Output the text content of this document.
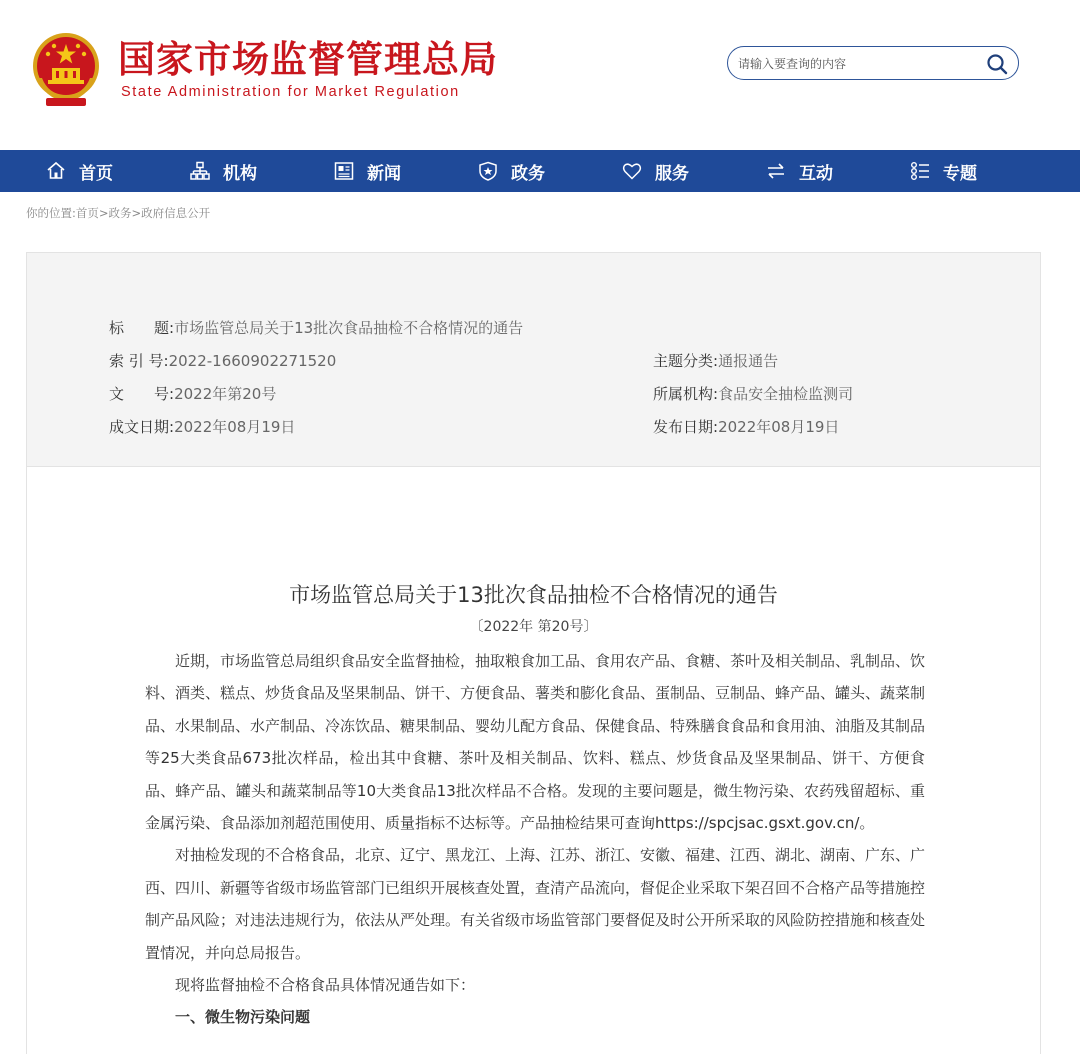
国家市场监督管理总局
State Administration for Market Regulation
请输入要查询的内容
首页	机构	新闻	政务	服务	互动	专题
你的位置:首页>政务>政府信息公开
标　　题:市场监管总局关于13批次食品抽检不合格情况的通告
索 引 号:2022-1660902271520	主题分类:通报通告
文　　号:2022年第20号	所属机构:食品安全抽检监测司
成文日期:2022年08月19日	发布日期:2022年08月19日
市场监管总局关于13批次食品抽检不合格情况的通告
〔2022年 第20号〕

近期，市场监管总局组织食品安全监督抽检，抽取粮食加工品、食用农产品、食糖、茶叶及相关制品、乳制品、饮料、酒类、糕点、炒货食品及坚果制品、饼干、方便食品、薯类和膨化食品、蛋制品、豆制品、蜂产品、罐头、蔬菜制品、水果制品、水产制品、冷冻饮品、糖果制品、婴幼儿配方食品、保健食品、特殊膳食食品和食用油、油脂及其制品等25大类食品673批次样品，检出其中食糖、茶叶及相关制品、饮料、糕点、炒货食品及坚果制品、饼干、方便食品、蜂产品、罐头和蔬菜制品等10大类食品13批次样品不合格。发现的主要问题是，微生物污染、农药残留超标、重金属污染、食品添加剂超范围使用、质量指标不达标等。产品抽检结果可查询https://spcjsac.gsxt.gov.cn/。

对抽检发现的不合格食品，北京、辽宁、黑龙江、上海、江苏、浙江、安徽、福建、江西、湖北、湖南、广东、广西、四川、新疆等省级市场监管部门已组织开展核查处置，查清产品流向，督促企业采取下架召回不合格产品等措施控制产品风险；对违法违规行为，依法从严处理。有关省级市场监管部门要督促及时公开所采取的风险防控措施和核查处置情况，并向总局报告。

现将监督抽检不合格食品具体情况通告如下：

一、微生物污染问题
